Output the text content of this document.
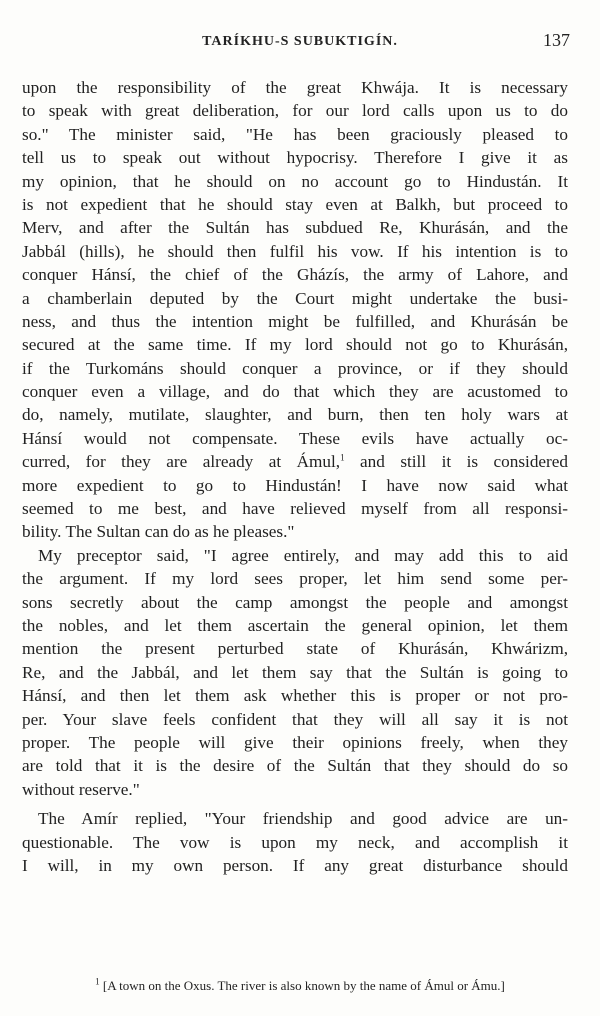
TARÍKHU-S SUBUKTIGÍN.	137
upon the responsibility of the great Khwája. It is necessary
to speak with great deliberation, for our lord calls upon us to do
so." The minister said, "He has been graciously pleased to
tell us to speak out without hypocrisy. Therefore I give it as
my opinion, that he should on no account go to Hindustán. It
is not expedient that he should stay even at Balkh, but proceed to
Merv, and after the Sultán has subdued Re, Khurásán, and the
Jabbál (hills), he should then fulfil his vow. If his intention is to
conquer Hánsí, the chief of the Gházís, the army of Lahore, and
a chamberlain deputed by the Court might undertake the busi-
ness, and thus the intention might be fulfilled, and Khurásán be
secured at the same time. If my lord should not go to Khurásán,
if the Turkománs should conquer a province, or if they should
conquer even a village, and do that which they are acustomed to
do, namely, mutilate, slaughter, and burn, then ten holy wars at
Hánsí would not compensate. These evils have actually oc-
curred, for they are already at Ámul,$^1$ and still it is considered
more expedient to go to Hindustán! I have now said what
seemed to me best, and have relieved myself from all responsi-
bility. The Sultan can do as he pleases."
My preceptor said, "I agree entirely, and may add this to aid
the argument. If my lord sees proper, let him send some per-
sons secretly about the camp amongst the people and amongst
the nobles, and let them ascertain the general opinion, let them
mention the present perturbed state of Khurásán, Khwárizm,
Re, and the Jabbál, and let them say that the Sultán is going to
Hánsí, and then let them ask whether this is proper or not pro-
per. Your slave feels confident that they will all say it is not
proper. The people will give their opinions freely, when they
are told that it is the desire of the Sultán that they should do so
without reserve."
The Amír replied, "Your friendship and good advice are un-
questionable. The vow is upon my neck, and accomplish it
I will, in my own person. If any great disturbance should
$^1$ [A town on the Oxus. The river is also known by the name of Ámul or Ámu.]
